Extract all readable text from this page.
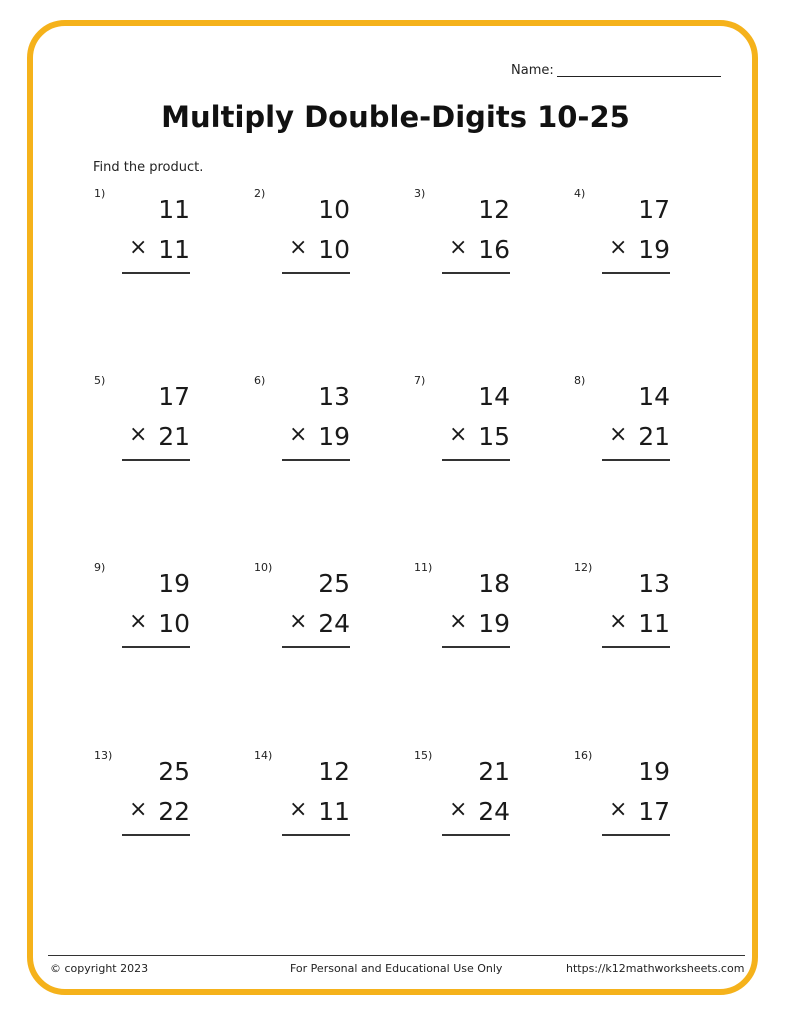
Name:
Multiply Double-Digits 10-25
Find the product.
1)
11
× 11
2)
10
× 10
3)
12
× 16
4)
17
× 19
5)
17
× 21
6)
13
× 19
7)
14
× 15
8)
14
× 21
9)
19
× 10
10)
25
× 24
11)
18
× 19
12)
13
× 11
13)
25
× 22
14)
12
× 11
15)
21
× 24
16)
19
× 17
© copyright 2023	For Personal and Educational Use Only	https://k12mathworksheets.com
